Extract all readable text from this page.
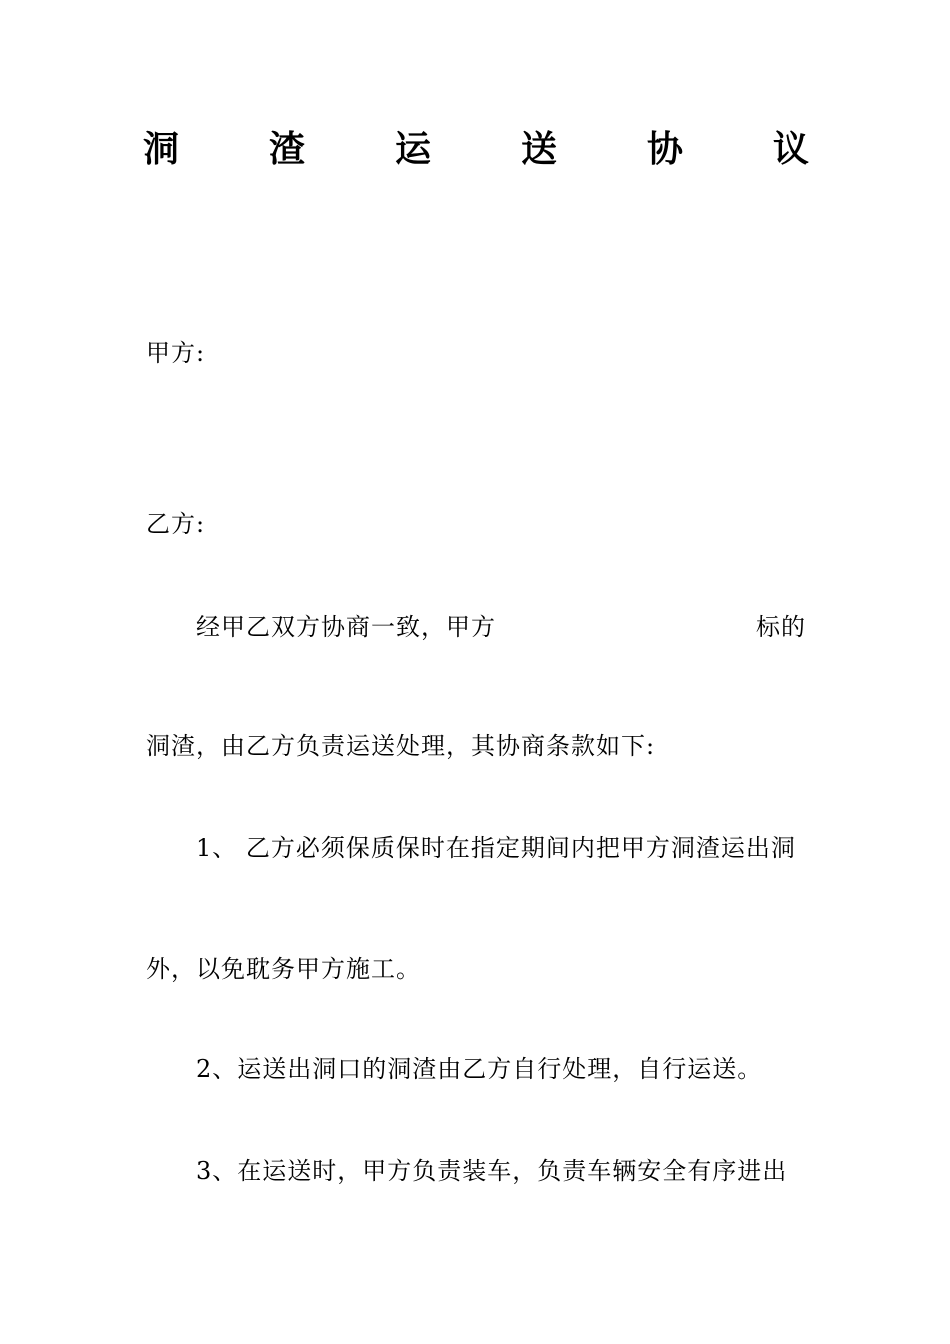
洞 渣 运 送 协 议
甲方:
乙方:
经甲乙双方协商一致，甲方	标的
洞渣，由乙方负责运送处理，其协商条款如下:
1、 乙方必须保质保时在指定期间内把甲方洞渣运出洞
外，以免耽务甲方施工。
2、运送出洞口的洞渣由乙方自行处理，自行运送。
3、在运送时，甲方负责装车，负责车辆安全有序进出
